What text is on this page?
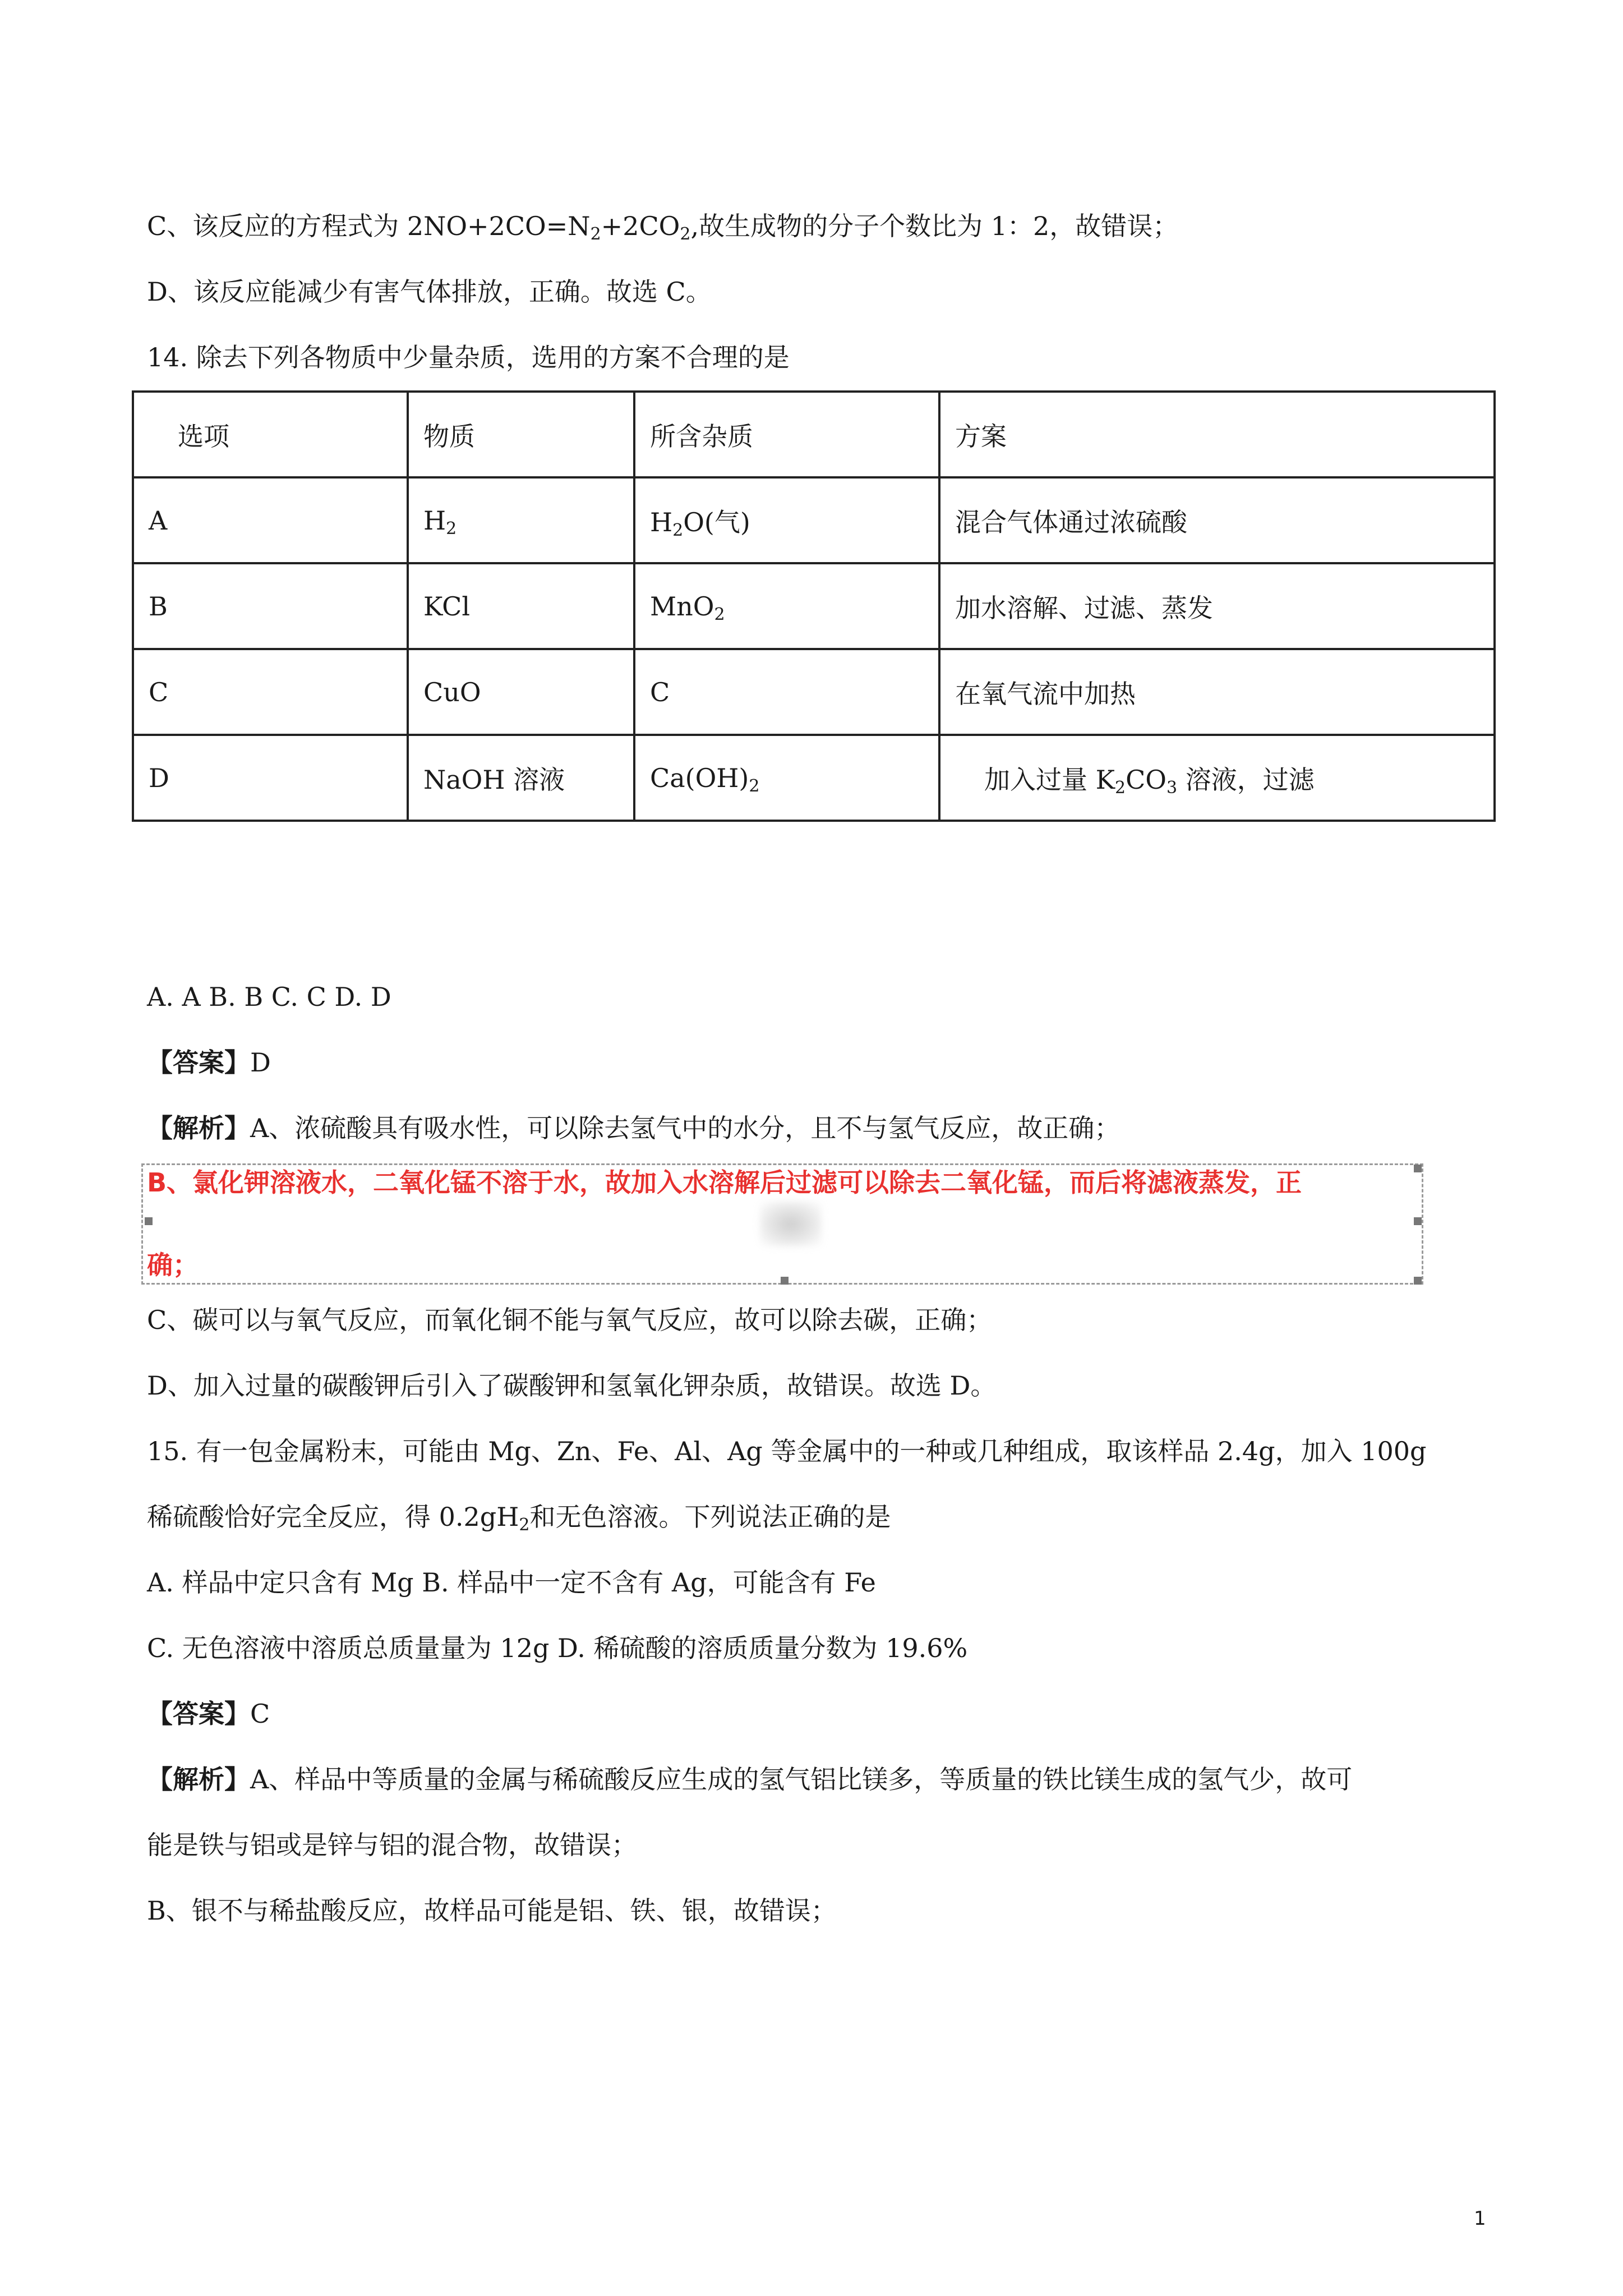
C、该反应的方程式为 $2NO+2CO=N_2+2CO_2$,故生成物的分子个数比为 1：2，故错误；
D、该反应能减少有害气体排放，正确。故选 C。
14. 除去下列各物质中少量杂质，选用的方案不合理的是
选项	物质	所含杂质	方案
A	$H_2$	$H_2O$(气)	混合气体通过浓硫酸
B	KCl	MnO$_2$	加水溶解、过滤、蒸发
C	CuO	C	在氧气流中加热
D	NaOH 溶液	$Ca(OH)_2$	加入过量 $K_2CO_3$ 溶液，过滤
A. A B. B C. C D. D
【答案】D
【解析】A、浓硫酸具有吸水性，可以除去氢气中的水分，且不与氢气反应，故正确；
B、氯化钾溶液水，二氧化锰不溶于水，故加入水溶解后过滤可以除去二氧化锰，而后将滤液蒸发，正
确；
C、碳可以与氧气反应，而氧化铜不能与氧气反应，故可以除去碳，正确；
D、加入过量的碳酸钾后引入了碳酸钾和氢氧化钾杂质，故错误。故选 D。
15. 有一包金属粉末，可能由 Mg、Zn、Fe、Al、Ag 等金属中的一种或几种组成，取该样品 2.4g，加入 100g
稀硫酸恰好完全反应，得 $0.2gH_2$和无色溶液。下列说法正确的是
A. 样品中定只含有 Mg B. 样品中一定不含有 Ag，可能含有 Fe
C. 无色溶液中溶质总质量量为 12g D. 稀硫酸的溶质质量分数为 19.6%
【答案】C
【解析】A、样品中等质量的金属与稀硫酸反应生成的氢气铝比镁多，等质量的铁比镁生成的氢气少，故可
能是铁与铝或是锌与铝的混合物，故错误；
B、银不与稀盐酸反应，故样品可能是铝、铁、银，故错误；
1
